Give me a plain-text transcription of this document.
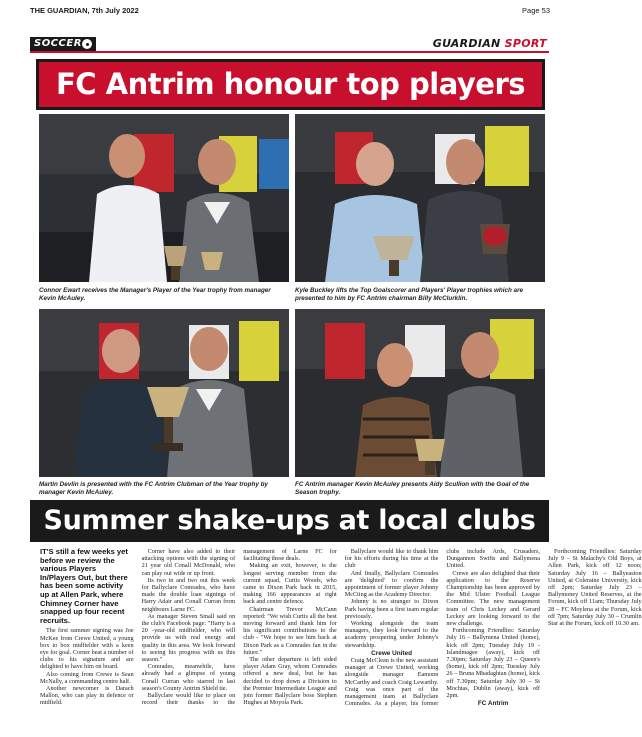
THE GUARDIAN, 7th July 2022	Page 53
SOCCER	GUARDIAN SPORT
FC Antrim honour top players
Connor Ewart receives the Manager's Player of the Year trophy from manager Kevin McAuley.
Kyle Buckley lifts the Top Goalscorer and Players' Player trophies which are presented to him by FC Antrim chairman Billy McClurklin.
Martin Devlin is presented with the FC Antrim Clubman of the Year trophy by manager Kevin McAuley.
FC Antrim manager Kevin McAuley presents Aidy Scullion with the Goal of the Season trophy.
Summer shake-ups at local clubs

IT'S still a few weeks yet before we review the various Players In/Players Out, but there has been some activity up at Allen Park, where Chimney Corner have snapped up four recent recruits.

The first summer signing was Joe McKee from Crewe United, a young box to box midfielder with a keen eye for goal. Corner beat a number of clubs to his signature and are delighted to have him on board.

Also coming from Crewe is Sean McNally, a commanding centre half.

Another newcomer is Darach Mallon, who can play in defence or midfield.

Corner have also added to their attacking options with the signing of 21 year old Conall McDonald, who can play out wide or up front.

Its two in and two out this week for Ballyclare Comrades, who have made the double loan signings of Harry Adair and Conall Curran from neighbours Larne FC.

As manager Steven Small said on the club's Facebook page: "Harry is a 20 -year-old midfielder, who will provide us with real energy and quality in this area. We look forward to seeing his progress with us this season."

Comrades, meanwhile, have already had a glimpse of young Conall Curran who starred in last season's County Antrim Shield tie.

Ballyclare would like to place on record their thanks to the management of Larne FC for facilitating these deals.

Making an exit, however, is the longest serving member from the current squad, Curtis Woods, who came to Dixon Park back in 2015, making 166 appearances at right back and centre defence.

Chairman Trevor McCann reported: "We wish Curtis all the best moving forward and thank him for his significant contributions to the club - "We hope to see him back at Dixon Park as a Comrades fan in the future."

The other departure is left sided player Adam Gray, whom Comrades offered a new deal, but he has decided to drop down a Division to the Premier Intermediate League and join former Ballyclare boss Stephen Hughes at Moyola Park.

Ballyclare would like to thank him for his efforts during his time at the club

And finally, Ballyclare Comrades are 'delighted' to confirm the appointment of former player Johnny McCting as the Academy Director.

Johnny is no stranger to Dixon Park having been a first team regular previously.

Working alongside the team managers, they look forward to the academy prospering under Johnny's stewardship.

Crewe United

Craig McClean is the new assistant manager at Crewe United, working alongside manager Eamonn McCarthy and coach Craig Lewarthy. Craig was once part of the management team at Ballyclare Comrades. As a player, his former clubs include Ards, Crusaders, Dungannon Swifts and Ballymena United.

Crewe are also delighted that their application to the Reserve Championship has been approved by the Mid Ulster Football League Committee. The new management team of Chris Leckey and Gerard Leckey are looking forward to the new challenge.

Forthcoming Friendlies: Saturday July 16 – Ballymena United (home), kick off 2pm; Tuesday July 19 - Islandmagee (away), kick off 7.30pm; Saturday July 23 – Queen's (home), kick off 2pm; Tuesday July 26 – Bruna Mhadaghtan (home), kick off 7.30pm; Saturday July 30 – St Mochtas, Dublin (away), kick off 2pm.

FC Antrim

Forthcoming Friendlies: Saturday July 9 – St Malachy's Old Boys, at Allen Park, kick off 12 noon; Saturday July 16 – Ballyeaston United, at Coleraine University, kick off 2pm; Saturday July 23 – Ballymoney United Reserves, at the Forum, kick off 11am; Thursday July 28 – FC Moylena at the Forum, kick off 7pm; Saturday July 30 – Crumlin Star at the Forum, kick off 10.30 am.
